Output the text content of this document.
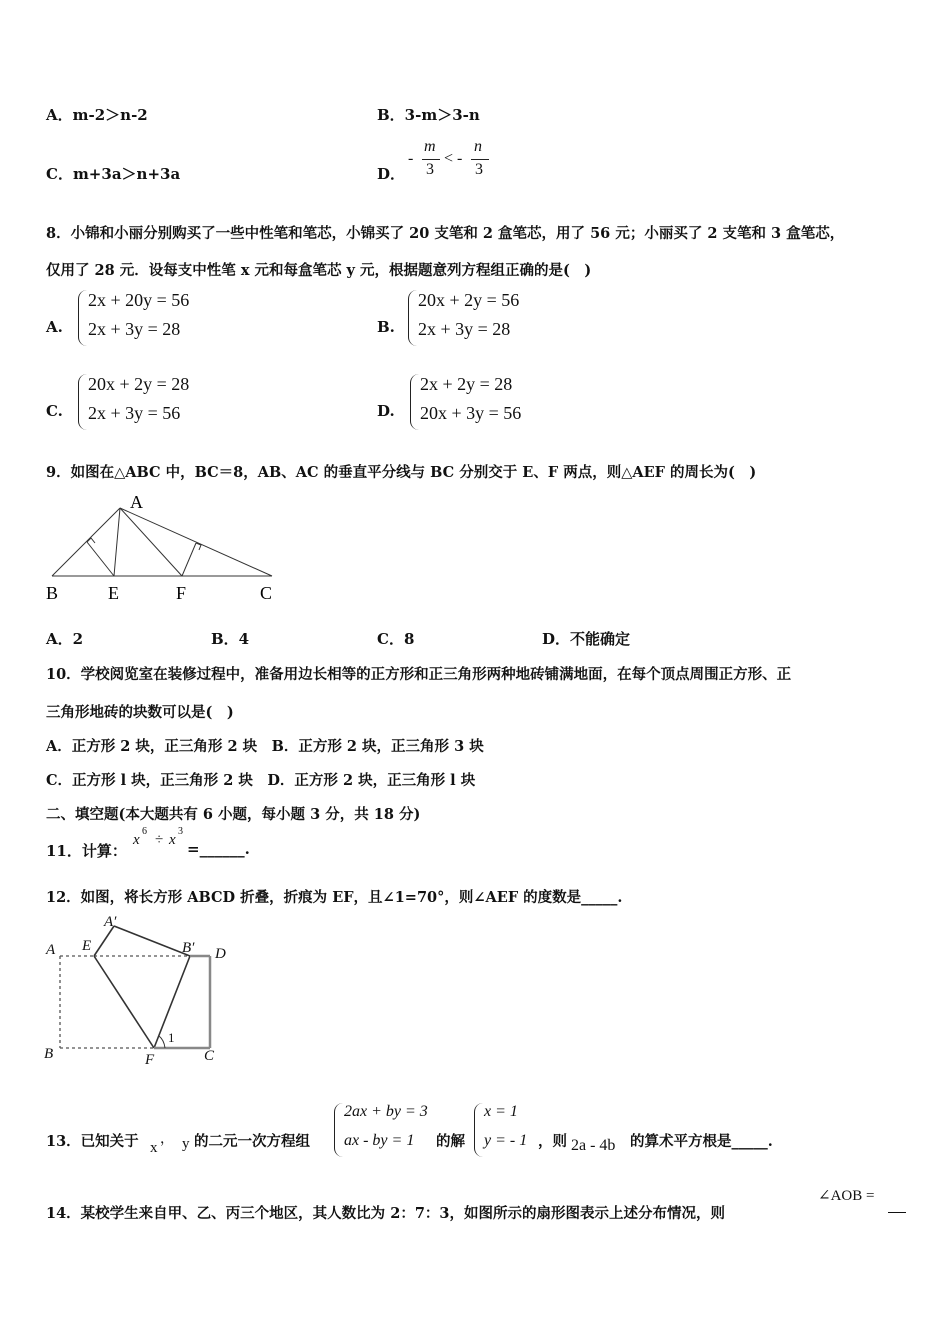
A．m-2＞n-2	B．3-m＞3-n
C．m+3a＞n+3a	D．
-
m
3
< -
n
3
8．小锦和小丽分别购买了一些中性笔和笔芯，小锦买了 20 支笔和 2 盒笔芯，用了 56 元；小丽买了 2 支笔和 3 盒笔芯，
仅用了 28 元．设每支中性笔 x 元和每盒笔芯 y 元，根据题意列方程组正确的是(　)
A.
2x + 20y = 56
2x + 3y = 28	B.
20x + 2y = 56
2x + 3y = 28
C.
20x + 2y = 28
2x + 3y = 56	D.
2x + 2y = 28
20x + 3y = 56
9．如图在△ABC 中，BC＝8，AB、AC 的垂直平分线与 BC 分别交于 E、F 两点，则△AEF 的周长为(　)
A
B	E	F	C
A．2	B．4	C．8	D．不能确定
10．学校阅览室在装修过程中，准备用边长相等的正方形和正三角形两种地砖铺满地面，在每个顶点周围正方形、正
三角形地砖的块数可以是(　)
A．正方形 2 块，正三角形 2 块　B．正方形 2 块，正三角形 3 块
C．正方形 l 块，正三角形 2 块　D．正方形 2 块，正三角形 l 块
二、填空题(本大题共有 6 小题，每小题 3 分，共 18 分)
11．计算：
x
6
÷ x
3
=______.
12．如图，将长方形 ABCD 折叠，折痕为 EF，且∠1=70°，则∠AEF 的度数是_____.
A
A′
E	B′ D
B	F	C
1
13．已知关于 x
， y 的二元一次方程组
2ax + by = 3
ax - by = 1 的解
x = 1
y = - 1 ，则 2a - 4b 的算术平方根是_____.
14．某校学生来自甲、乙、丙三个地区，其人数比为 2：7：3，如图所示的扇形图表示上述分布情况，则
∠AOB =
